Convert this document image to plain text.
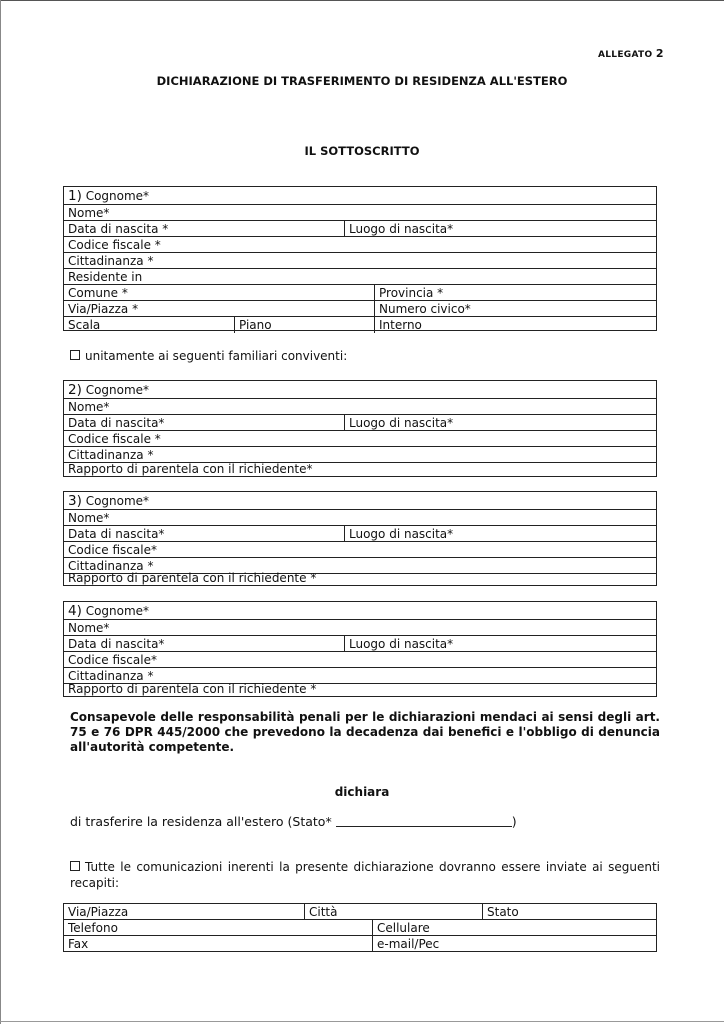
ALLEGATO 2
DICHIARAZIONE DI TRASFERIMENTO DI RESIDENZA ALL'ESTERO
IL SOTTOSCRITTO
1) Cognome*
Nome*
Data di nascita *	Luogo di nascita*
Codice fiscale *
Cittadinanza *
Residente in
Comune *	Provincia *
Via/Piazza *	Numero civico*
Scala	Piano	Interno
unitamente ai seguenti familiari conviventi:
2) Cognome*
Nome*
Data di nascita*	Luogo di nascita*
Codice fiscale *
Cittadinanza *
Rapporto di parentela con il richiedente*
3) Cognome*
Nome*
Data di nascita*	Luogo di nascita*
Codice fiscale*
Cittadinanza *
Rapporto di parentela con il richiedente *
4) Cognome*
Nome*
Data di nascita*	Luogo di nascita*
Codice fiscale*
Cittadinanza *
Rapporto di parentela con il richiedente *
Consapevole delle responsabilità penali per le dichiarazioni mendaci ai sensi degli art. 75 e 76 DPR 445/2000 che prevedono la decadenza dai benefici e l'obbligo di denuncia all'autorità competente.
dichiara
di trasferire la residenza all'estero (Stato*	)
Tutte le comunicazioni inerenti la presente dichiarazione dovranno essere inviate ai seguenti recapiti:
Via/Piazza	Città	Stato
Telefono	Cellulare
Fax	e-mail/Pec
